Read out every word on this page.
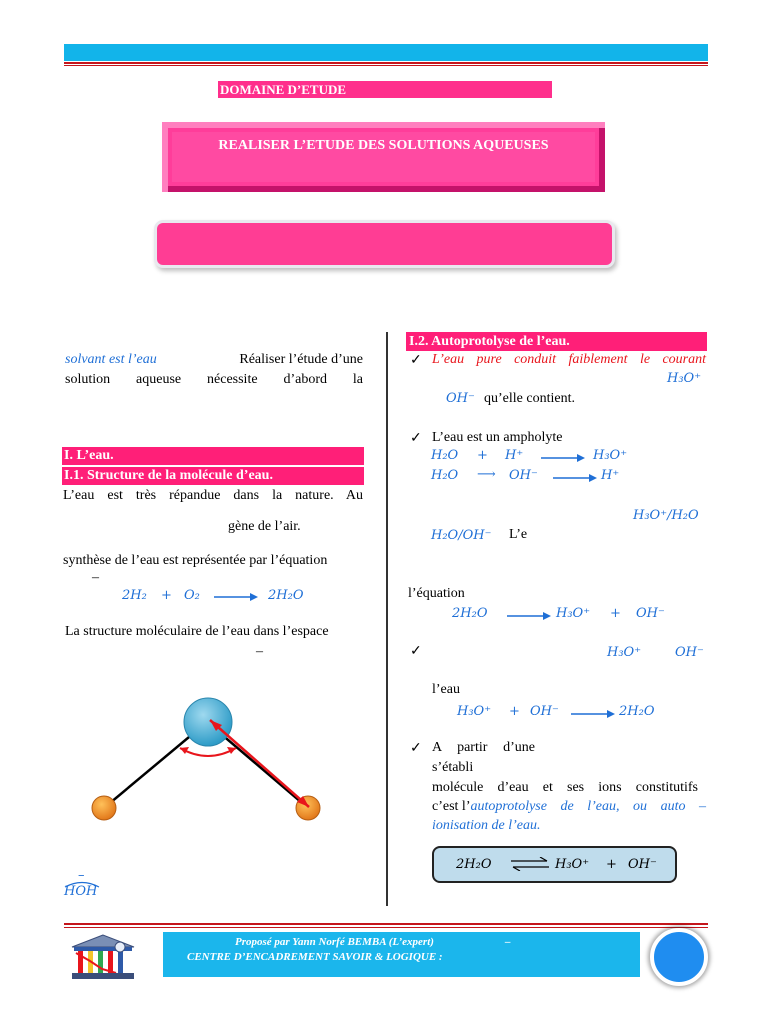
DOMAINE D’ETUDE
REALISER L’ETUDE DES SOLUTIONS AQUEUSES
solvant est l’eau	Réaliser l’étude d’une
solution aqueuse nécessite d’abord la
I. L’eau.
I.1. Structure de la molécule d’eau.
L’eau est très répandue dans la nature. Au
gène de l’air.
synthèse de l’eau est représentée par l’équation
–
2H₂ + O₂	2H₂O
La structure moléculaire de l’eau dans l’espace
–
–
HOH
I.2. Autoprotolyse de l’eau.
✓ L’eau pure conduit faiblement le courant
H₃O⁺
OH⁻ qu’elle contient.
✓ L’eau est un ampholyte
H₂O + H⁺	H₃O⁺
H₂O ⟶ OH⁻	H⁺
H₃O⁺/H₂O
H₂O/OH⁻ L’e
l’équation
2H₂O	H₃O⁺ + OH⁻
✓	H₃O⁺	OH⁻
l’eau
H₃O⁺ + OH⁻	2H₂O
✓ A partir d’une
s’établi
molécule d’eau et ses ions constitutifs
c’est l’ autoprotolyse de l’eau, ou auto –
ionisation de l’eau.
2H₂O ⇌ H₃O⁺ + OH⁻
Proposé par Yann Norfé BEMBA (L’expert)	–
CENTRE D’ENCADREMENT SAVOIR & LOGIQUE :
